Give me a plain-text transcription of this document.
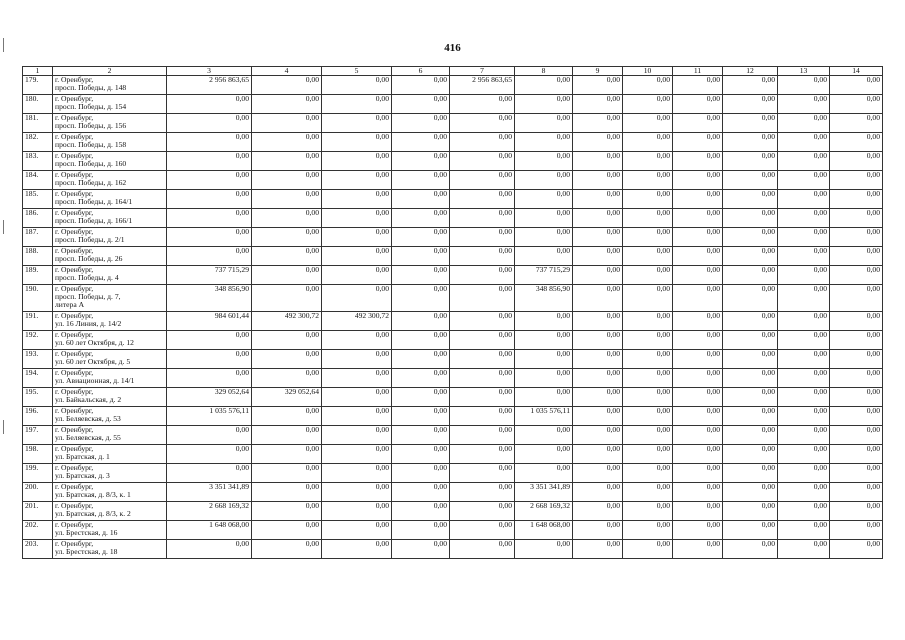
416
1	2	3	4	5	6	7	8	9	10	11	12	13	14
179.	г. Оренбург,
просп. Победы, д. 148	2 956 863,65	0,00	0,00	0,00	2 956 863,65	0,00	0,00	0,00	0,00	0,00	0,00	0,00
180.	г. Оренбург,
просп. Победы, д. 154	0,00	0,00	0,00	0,00	0,00	0,00	0,00	0,00	0,00	0,00	0,00	0,00
181.	г. Оренбург,
просп. Победы, д. 156	0,00	0,00	0,00	0,00	0,00	0,00	0,00	0,00	0,00	0,00	0,00	0,00
182.	г. Оренбург,
просп. Победы, д. 158	0,00	0,00	0,00	0,00	0,00	0,00	0,00	0,00	0,00	0,00	0,00	0,00
183.	г. Оренбург,
просп. Победы, д. 160	0,00	0,00	0,00	0,00	0,00	0,00	0,00	0,00	0,00	0,00	0,00	0,00
184.	г. Оренбург,
просп. Победы, д. 162	0,00	0,00	0,00	0,00	0,00	0,00	0,00	0,00	0,00	0,00	0,00	0,00
185.	г. Оренбург,
просп. Победы, д. 164/1	0,00	0,00	0,00	0,00	0,00	0,00	0,00	0,00	0,00	0,00	0,00	0,00
186.	г. Оренбург,
просп. Победы, д. 166/1	0,00	0,00	0,00	0,00	0,00	0,00	0,00	0,00	0,00	0,00	0,00	0,00
187.	г. Оренбург,
просп. Победы, д. 2/1	0,00	0,00	0,00	0,00	0,00	0,00	0,00	0,00	0,00	0,00	0,00	0,00
188.	г. Оренбург,
просп. Победы, д. 26	0,00	0,00	0,00	0,00	0,00	0,00	0,00	0,00	0,00	0,00	0,00	0,00
189.	г. Оренбург,
просп. Победы, д. 4	737 715,29	0,00	0,00	0,00	0,00	737 715,29	0,00	0,00	0,00	0,00	0,00	0,00
190.	г. Оренбург,
просп. Победы, д. 7,
литера А	348 856,90	0,00	0,00	0,00	0,00	348 856,90	0,00	0,00	0,00	0,00	0,00	0,00
191.	г. Оренбург,
ул. 16 Линия, д. 14/2	984 601,44	492 300,72	492 300,72	0,00	0,00	0,00	0,00	0,00	0,00	0,00	0,00	0,00
192.	г. Оренбург,
ул. 60 лет Октября, д. 12	0,00	0,00	0,00	0,00	0,00	0,00	0,00	0,00	0,00	0,00	0,00	0,00
193.	г. Оренбург,
ул. 60 лет Октября, д. 5	0,00	0,00	0,00	0,00	0,00	0,00	0,00	0,00	0,00	0,00	0,00	0,00
194.	г. Оренбург,
ул. Авиационная, д. 14/1	0,00	0,00	0,00	0,00	0,00	0,00	0,00	0,00	0,00	0,00	0,00	0,00
195.	г. Оренбург,
ул. Байкальская, д. 2	329 052,64	329 052,64	0,00	0,00	0,00	0,00	0,00	0,00	0,00	0,00	0,00	0,00
196.	г. Оренбург,
ул. Беляевская, д. 53	1 035 576,11	0,00	0,00	0,00	0,00	1 035 576,11	0,00	0,00	0,00	0,00	0,00	0,00
197.	г. Оренбург,
ул. Беляевская, д. 55	0,00	0,00	0,00	0,00	0,00	0,00	0,00	0,00	0,00	0,00	0,00	0,00
198.	г. Оренбург,
ул. Братская, д. 1	0,00	0,00	0,00	0,00	0,00	0,00	0,00	0,00	0,00	0,00	0,00	0,00
199.	г. Оренбург,
ул. Братская, д. 3	0,00	0,00	0,00	0,00	0,00	0,00	0,00	0,00	0,00	0,00	0,00	0,00
200.	г. Оренбург,
ул. Братская, д. 8/3, к. 1	3 351 341,89	0,00	0,00	0,00	0,00	3 351 341,89	0,00	0,00	0,00	0,00	0,00	0,00
201.	г. Оренбург,
ул. Братская, д. 8/3, к. 2	2 668 169,32	0,00	0,00	0,00	0,00	2 668 169,32	0,00	0,00	0,00	0,00	0,00	0,00
202.	г. Оренбург,
ул. Брестская, д. 16	1 648 068,00	0,00	0,00	0,00	0,00	1 648 068,00	0,00	0,00	0,00	0,00	0,00	0,00
203.	г. Оренбург,
ул. Брестская, д. 18	0,00	0,00	0,00	0,00	0,00	0,00	0,00	0,00	0,00	0,00	0,00	0,00
